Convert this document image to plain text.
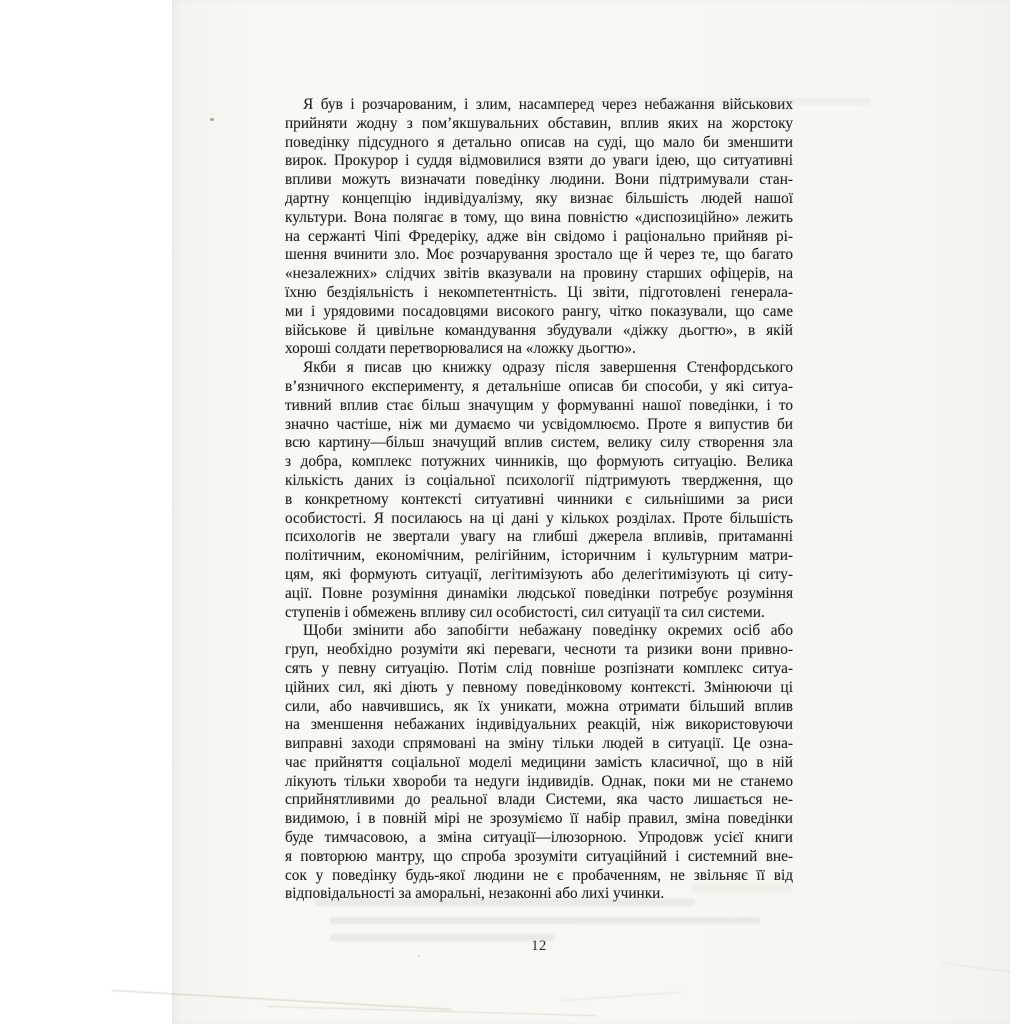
Я був і розчарованим, і злим, насамперед через небажання військових
прийняти жодну з пом’якшувальних обставин, вплив яких на жорстоку
поведінку підсудного я детально описав на суді, що мало би зменшити
вирок. Прокурор і суддя відмовилися взяти до уваги ідею, що ситуативні
впливи можуть визначати поведінку людини. Вони підтримували стан-
дартну концепцію індивідуалізму, яку визнає більшість людей нашої
культури. Вона полягає в тому, що вина повністю «диспозиційно» лежить
на сержанті Чіпі Фредеріку, адже він свідомо і раціонально прийняв рі-
шення вчинити зло. Моє розчарування зростало ще й через те, що багато
«незалежних» слідчих звітів вказували на провину старших офіцерів, на
їхню бездіяльність і некомпетентність. Ці звіти, підготовлені генерала-
ми і урядовими посадовцями високого рангу, чітко показували, що саме
військове й цивільне командування збудували «діжку дьогтю», в якій
хороші солдати перетворювалися на «ложку дьогтю».
Якби я писав цю книжку одразу після завершення Стенфордського
в’язничного експерименту, я детальніше описав би способи, у які ситуа-
тивний вплив стає більш значущим у формуванні нашої поведінки, і то
значно частіше, ніж ми думаємо чи усвідомлюємо. Проте я випустив би
всю картину—більш значущий вплив систем, велику силу створення зла
з добра, комплекс потужних чинників, що формують ситуацію. Велика
кількість даних із соціальної психології підтримують твердження, що
в конкретному контексті ситуативні чинники є сильнішими за риси
особистості. Я посилаюсь на ці дані у кількох розділах. Проте більшість
психологів не звертали увагу на глибші джерела впливів, притаманні
політичним, економічним, релігійним, історичним і культурним матри-
цям, які формують ситуації, легітимізують або делегітимізують ці ситу-
ації. Повне розуміння динаміки людської поведінки потребує розуміння
ступенів і обмежень впливу сил особистості, сил ситуації та сил системи.
Щоби змінити або запобігти небажану поведінку окремих осіб або
груп, необхідно розуміти які переваги, чесноти та ризики вони привно-
сять у певну ситуацію. Потім слід повніше розпізнати комплекс ситуа-
ційних сил, які діють у певному поведінковому контексті. Змінюючи ці
сили, або навчившись, як їх уникати, можна отримати більший вплив
на зменшення небажаних індивідуальних реакцій, ніж використовуючи
виправні заходи спрямовані на зміну тільки людей в ситуації. Це озна-
чає прийняття соціальної моделі медицини замість класичної, що в ній
лікують тільки хвороби та недуги індивидів. Однак, поки ми не станемо
сприйнятливими до реальної влади Системи, яка часто лишається не-
видимою, і в повній мірі не зрозуміємо її набір правил, зміна поведінки
буде тимчасовою, а зміна ситуації—ілюзорною. Упродовж усієї книги
я повторюю мантру, що спроба зрозуміти ситуаційний і системний вне-
сок у поведінку будь-якої людини не є пробаченням, не звільняє її від
відповідальності за аморальні, незаконні або лихі учинки.
12
